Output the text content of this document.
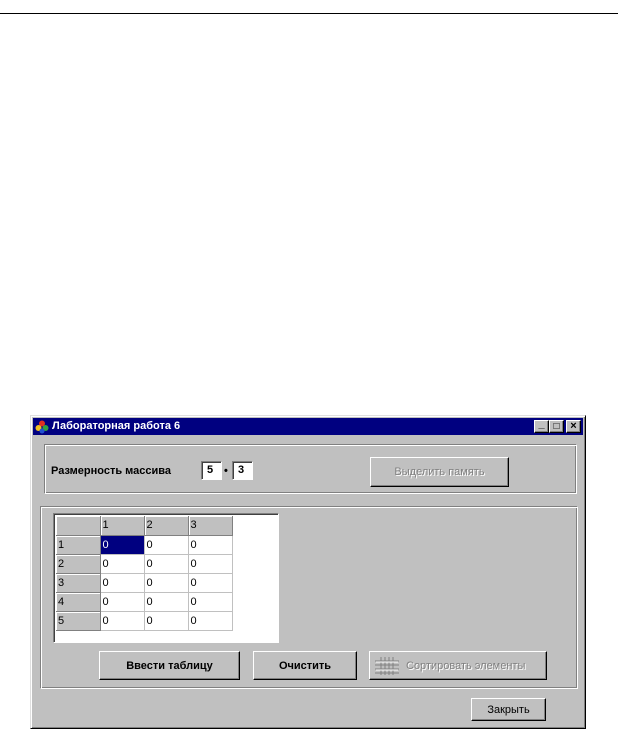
Лабораторная работа 6	_ □ ×
Размерность массива	5 • 3	Выделить память
	1	2	3
1	0	0	0
2	0	0	0
3	0	0	0
4	0	0	0
5	0	0	0
Ввести таблицу	Очистить	Сортировать элементы
Закрыть
